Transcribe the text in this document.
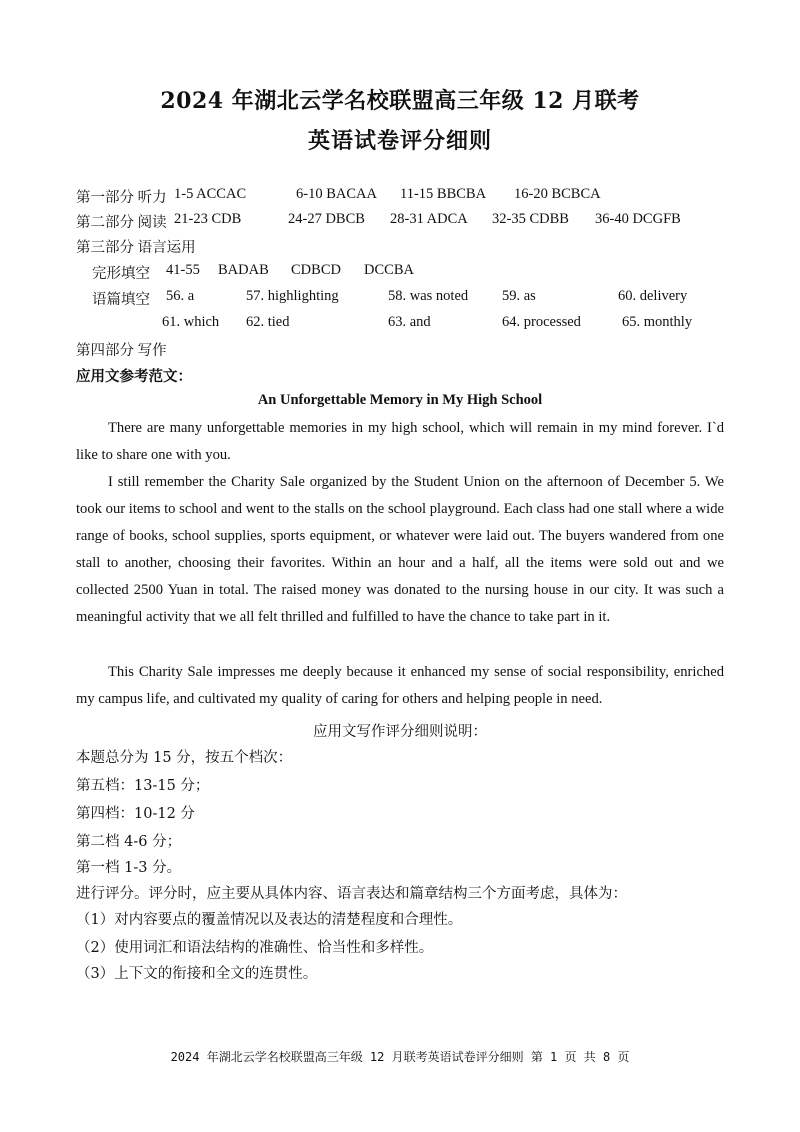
2024 年湖北云学名校联盟高三年级 12 月联考
英语试卷评分细则
第一部分 听力 1-5 ACCAC	6-10 BACAA 11-15 BBCBA 16-20 BCBCA
第二部分 阅读 21-23 CDB	24-27 DBCB 28-31 ADCA 32-35 CDBB 36-40 DCGFB
第三部分 语言运用
完形填空 41-55 BADAB CDBCD DCCBA
语篇填空 56. a	57. highlighting	58. was noted 59. as	60. delivery
61. which 62. tied	63. and	64. processed	65. monthly
第四部分 写作
应用文参考范文：
An Unforgettable Memory in My High School
There are many unforgettable memories in my high school, which will remain in my mind forever. I`d like to share one with you.
I still remember the Charity Sale organized by the Student Union on the afternoon of December 5. We took our items to school and went to the stalls on the school playground. Each class had one stall where a wide range of books, school supplies, sports equipment, or whatever were laid out. The buyers wandered from one stall to another, choosing their favorites. Within an hour and a half, all the items were sold out and we collected 2500 Yuan in total. The raised money was donated to the nursing house in our city. It was such a meaningful activity that we all felt thrilled and fulfilled to have the chance to take part in it.
This Charity Sale impresses me deeply because it enhanced my sense of social responsibility, enriched my campus life, and cultivated my quality of caring for others and helping people in need.
应用文写作评分细则说明：
本题总分为 15 分，按五个档次：
第五档：13-15 分；
第四档：10-12 分
第二档 4-6 分；
第一档 1-3 分。
进行评分。评分时，应主要从具体内容、语言表达和篇章结构三个方面考虑，具体为：
（1）对内容要点的覆盖情况以及表达的清楚程度和合理性。
（2）使用词汇和语法结构的准确性、恰当性和多样性。
（3）上下文的衔接和全文的连贯性。
2024 年湖北云学名校联盟高三年级 12 月联考英语试卷评分细则 第 1 页 共 8 页
